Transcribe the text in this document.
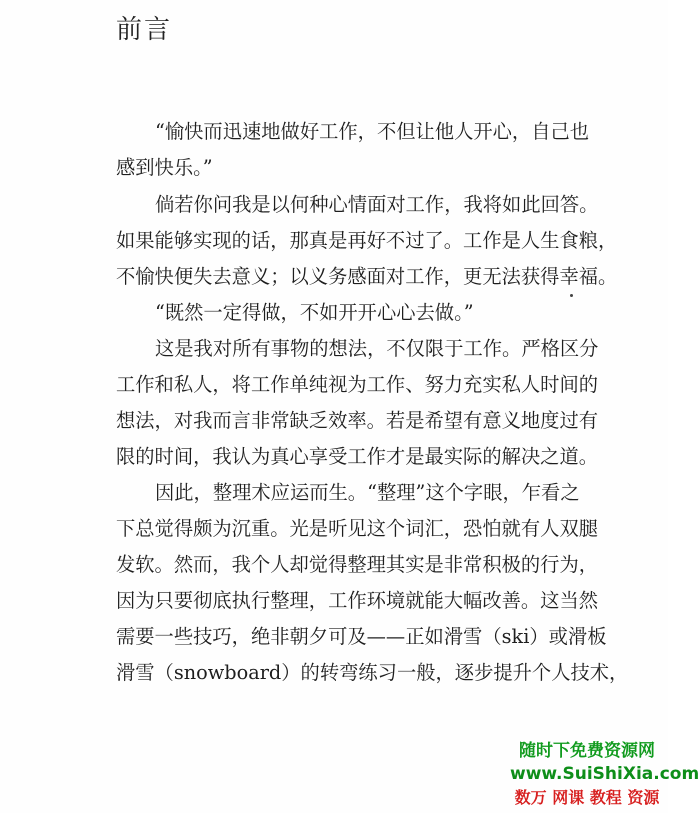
前言
“愉快而迅速地做好工作，不但让他人开心，自己也
感到快乐。”
倘若你问我是以何种心情面对工作，我将如此回答。
如果能够实现的话，那真是再好不过了。工作是人生食粮，
不愉快便失去意义；以义务感面对工作，更无法获得幸福。
“既然一定得做，不如开开心心去做。”
这是我对所有事物的想法，不仅限于工作。严格区分
工作和私人，将工作单纯视为工作、努力充实私人时间的
想法，对我而言非常缺乏效率。若是希望有意义地度过有
限的时间，我认为真心享受工作才是最实际的解决之道。
因此，整理术应运而生。“整理”这个字眼，乍看之
下总觉得颇为沉重。光是听见这个词汇，恐怕就有人双腿
发软。然而，我个人却觉得整理其实是非常积极的行为，
因为只要彻底执行整理，工作环境就能大幅改善。这当然
需要一些技巧，绝非朝夕可及——正如滑雪（ski）或滑板
滑雪（snowboard）的转弯练习一般，逐步提升个人技术，
随时下免费资源网
www.SuiShiXia.com
数万 网课 教程 资源
